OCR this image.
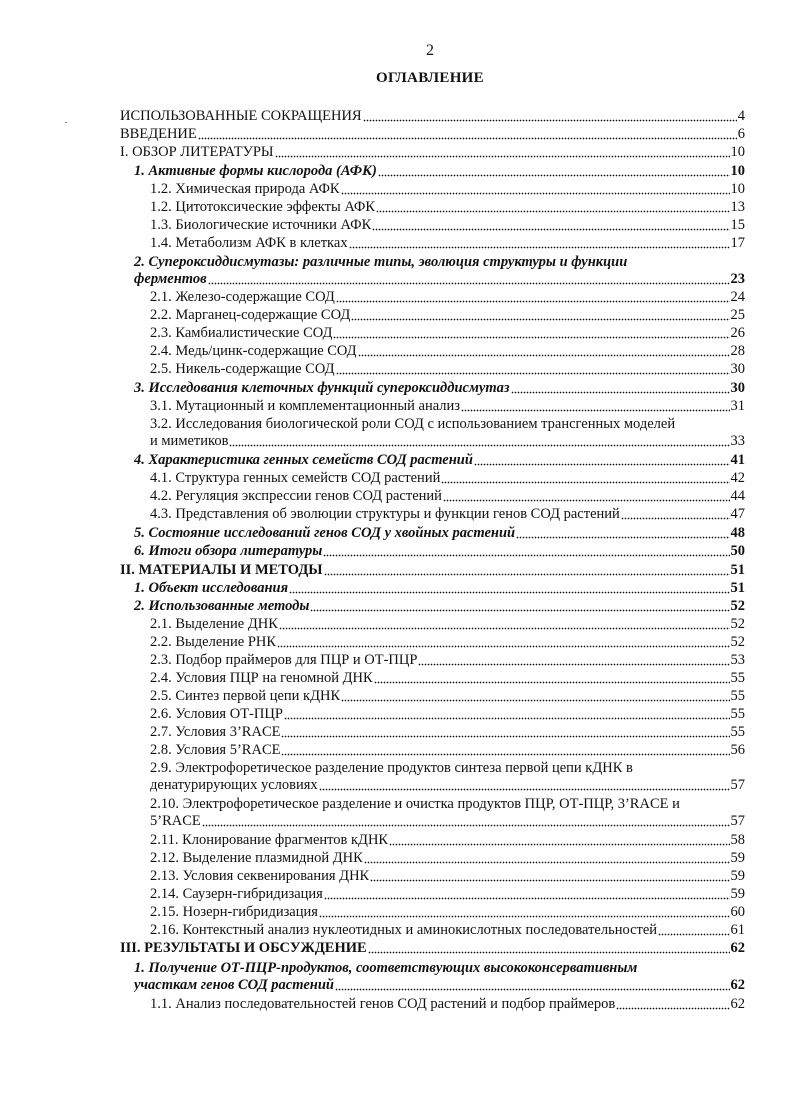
2
ОГЛАВЛЕНИЕ
ИСПОЛЬЗОВАННЫЕ СОКРАЩЕНИЯ	4
ВВЕДЕНИЕ	6
I. ОБЗОР ЛИТЕРАТУРЫ	10
1. Активные формы кислорода (АФК)	10
1.2. Химическая природа АФК	10
1.2. Цитотоксические эффекты АФК	13
1.3. Биологические источники АФК	15
1.4. Метаболизм АФК в клетках	17
2. Супероксиддисмутазы: различные типы, эволюция структуры и функции
ферментов	23
2.1. Железо-содержащие СОД	24
2.2. Марганец-содержащие СОД	25
2.3. Камбиалистические СОД	26
2.4. Медь/цинк-содержащие СОД	28
2.5. Никель-содержащие СОД	30
3. Исследования клеточных функций супероксиддисмутаз	30
3.1. Мутационный и комплементационный анализ	31
3.2. Исследования биологической роли СОД с использованием трансгенных моделей
и миметиков	33
4. Характеристика генных семейств СОД растений	41
4.1. Структура генных семейств СОД растений	42
4.2. Регуляция экспрессии генов СОД растений	44
4.3. Представления об эволюции структуры и функции генов СОД растений	47
5. Состояние исследований генов СОД у хвойных растений	48
6. Итоги обзора литературы	50
II. МАТЕРИАЛЫ И МЕТОДЫ	51
1. Объект исследования	51
2. Использованные методы	52
2.1. Выделение ДНК	52
2.2. Выделение РНК	52
2.3. Подбор праймеров для ПЦР и ОТ-ПЦР	53
2.4. Условия ПЦР на геномной ДНК	55
2.5. Синтез первой цепи кДНК	55
2.6. Условия ОТ-ПЦР	55
2.7. Условия 3’RACE	55
2.8. Условия 5’RACE	56
2.9. Электрофоретическое разделение продуктов синтеза первой цепи кДНК в
денатурирующих условиях	57
2.10. Электрофоретическое разделение и очистка продуктов ПЦР, ОТ-ПЦР, 3’RACE и
5’RACE	57
2.11. Клонирование фрагментов кДНК	58
2.12. Выделение плазмидной ДНК	59
2.13. Условия секвенирования ДНК	59
2.14. Саузерн-гибридизация	59
2.15. Нозерн-гибридизация	60
2.16. Контекстный анализ нуклеотидных и аминокислотных последовательностей	61
III. РЕЗУЛЬТАТЫ И ОБСУЖДЕНИЕ	62
1. Получение ОТ-ПЦР-продуктов, соответствующих высококонсервативным
участкам генов СОД растений	62
1.1. Анализ последовательностей генов СОД растений и подбор праймеров	62
